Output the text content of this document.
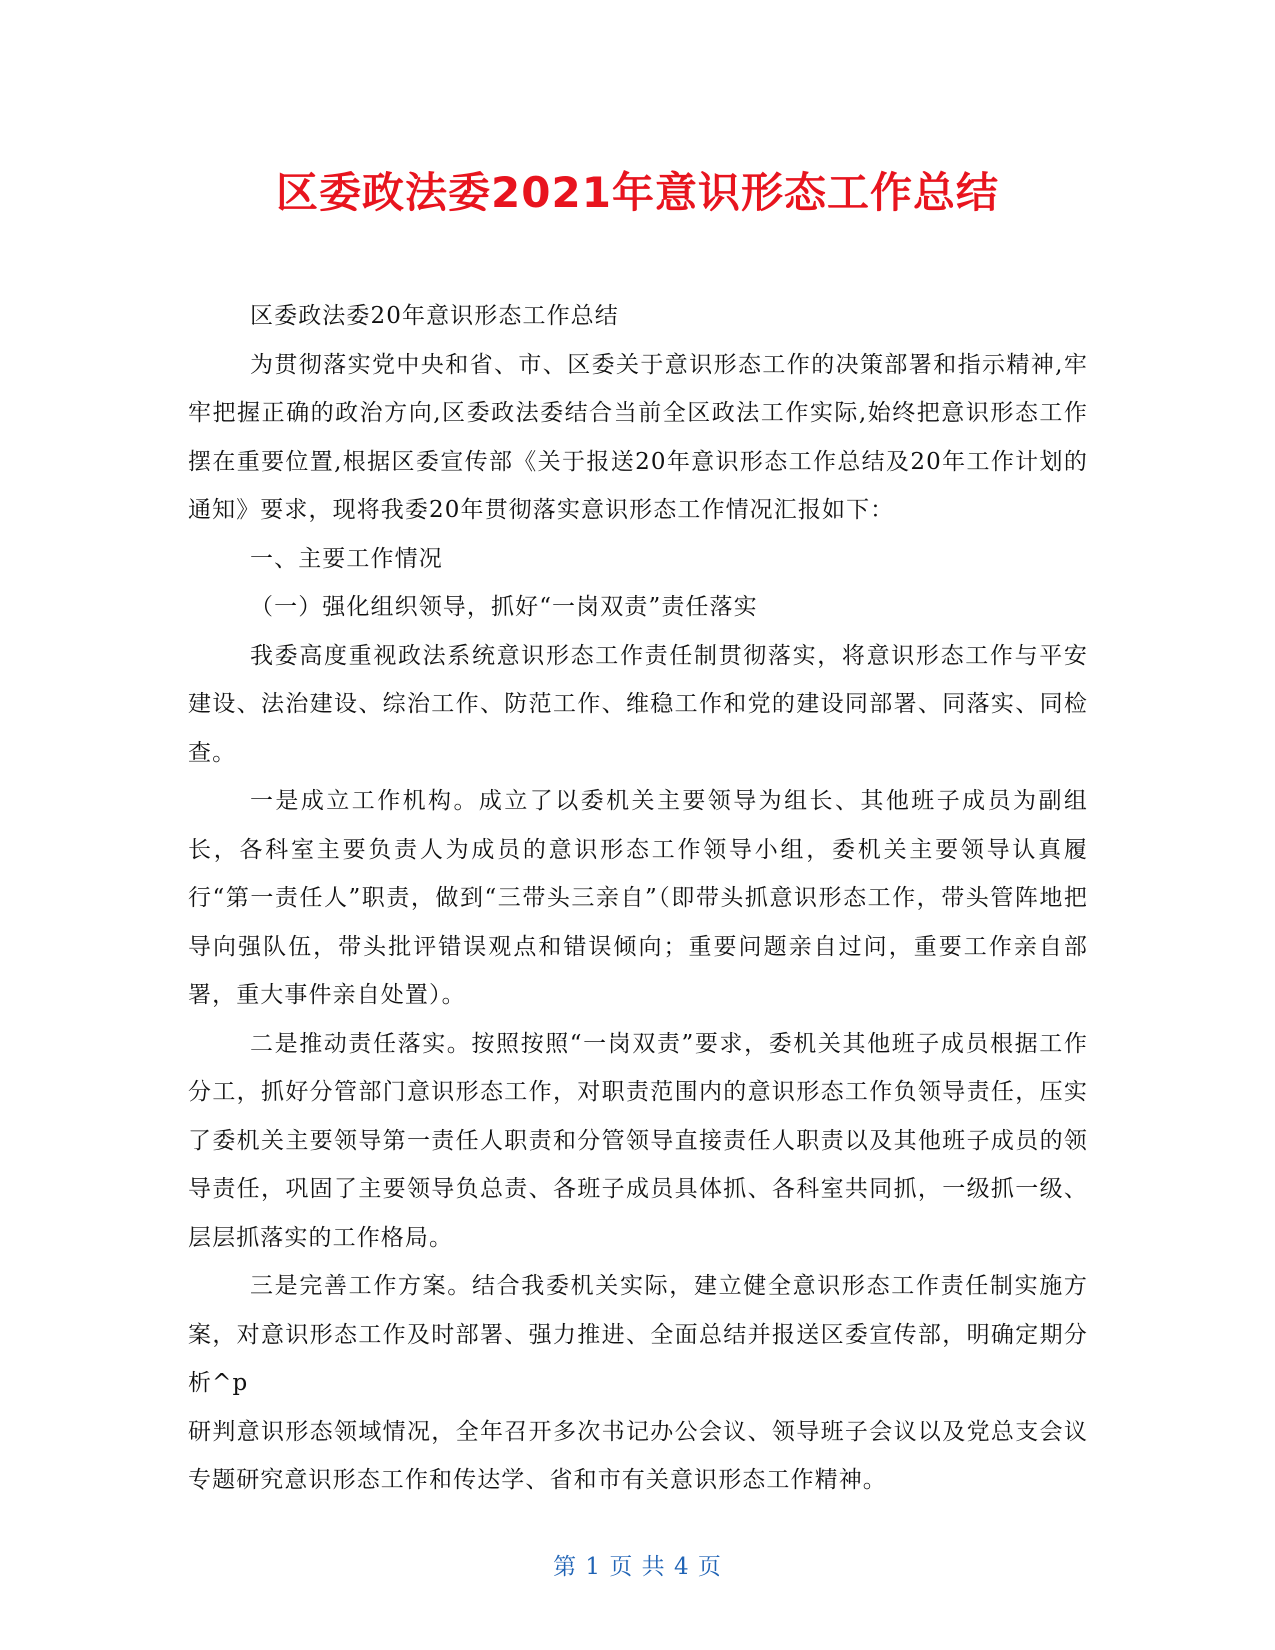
区委政法委2021年意识形态工作总结

区委政法委20年意识形态工作总结

为贯彻落实党中央和省、市、区委关于意识形态工作的决策部署和指示精神,牢牢把握正确的政治方向,区委政法委结合当前全区政法工作实际,始终把意识形态工作摆在重要位置,根据区委宣传部《关于报送20年意识形态工作总结及20年工作计划的通知》要求，现将我委20年贯彻落实意识形态工作情况汇报如下：

一、主要工作情况

（一）强化组织领导，抓好“一岗双责”责任落实

我委高度重视政法系统意识形态工作责任制贯彻落实，将意识形态工作与平安建设、法治建设、综治工作、防范工作、维稳工作和党的建设同部署、同落实、同检查。

一是成立工作机构。成立了以委机关主要领导为组长、其他班子成员为副组长，各科室主要负责人为成员的意识形态工作领导小组，委机关主要领导认真履行“第一责任人”职责，做到“三带头三亲自”（即带头抓意识形态工作，带头管阵地把导向强队伍，带头批评错误观点和错误倾向；重要问题亲自过问，重要工作亲自部署，重大事件亲自处置）。

二是推动责任落实。按照按照“一岗双责”要求，委机关其他班子成员根据工作分工，抓好分管部门意识形态工作，对职责范围内的意识形态工作负领导责任，压实了委机关主要领导第一责任人职责和分管领导直接责任人职责以及其他班子成员的领导责任，巩固了主要领导负总责、各班子成员具体抓、各科室共同抓，一级抓一级、层层抓落实的工作格局。

三是完善工作方案。结合我委机关实际，建立健全意识形态工作责任制实施方案，对意识形态工作及时部署、强力推进、全面总结并报送区委宣传部，明确定期分析^p

研判意识形态领域情况，全年召开多次书记办公会议、领导班子会议以及党总支会议专题研究意识形态工作和传达学、省和市有关意识形态工作精神。

第 1 页 共 4 页
